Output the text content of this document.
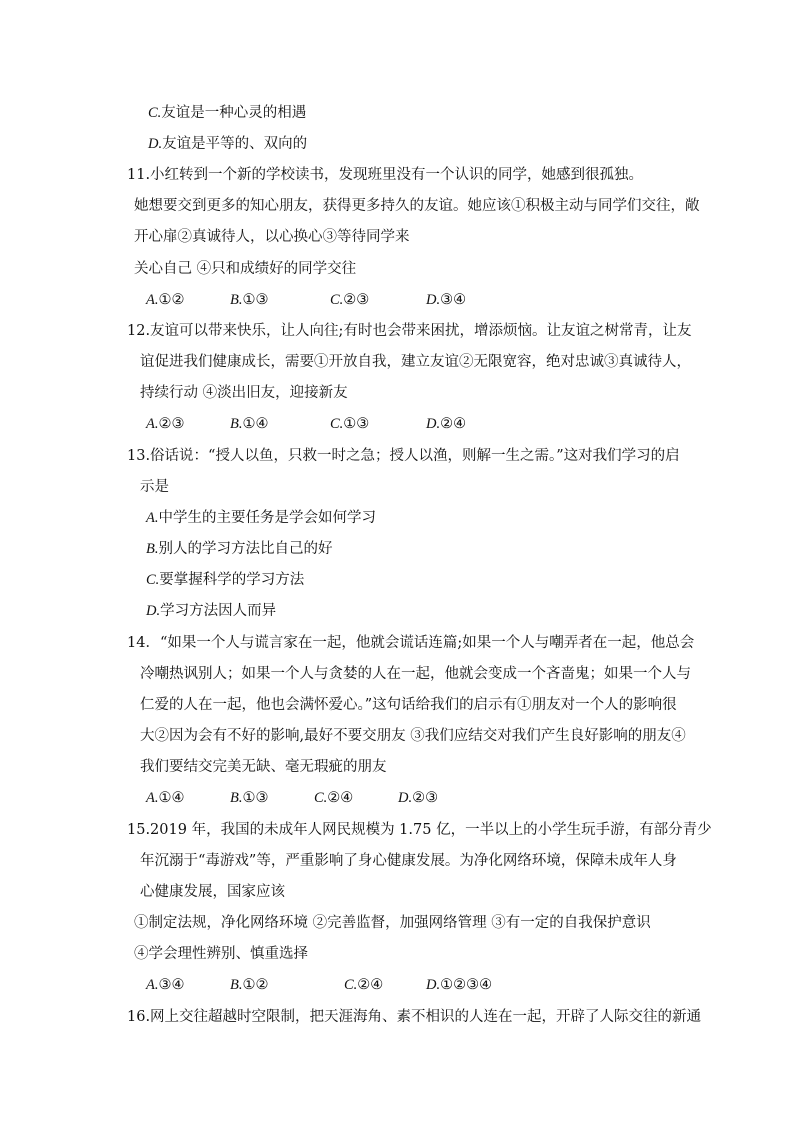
C.友谊是一种心灵的相遇
D.友谊是平等的、双向的
11.小红转到一个新的学校读书，发现班里没有一个认识的同学，她感到很孤独。
她想要交到更多的知心朋友，获得更多持久的友谊。她应该①积极主动与同学们交往，敞
开心扉②真诚待人，以心换心③等待同学来
关心自己 ④只和成绩好的同学交往
A.①②	B.①③	C.②③	D.③④
12.友谊可以带来快乐，让人向往;有时也会带来困扰，增添烦恼。让友谊之树常青，让友
谊促进我们健康成长，需要①开放自我，建立友谊②无限宽容，绝对忠诚③真诚待人，
持续行动 ④淡出旧友，迎接新友
A.②③	B.①④	C.①③	D.②④
13.俗话说：“授人以鱼，只救一时之急；授人以渔，则解一生之需。”这对我们学习的启
示是
A.中学生的主要任务是学会如何学习
B.别人的学习方法比自己的好
C.要掌握科学的学习方法
D.学习方法因人而异
14．“如果一个人与谎言家在一起，他就会谎话连篇;如果一个人与嘲弄者在一起，他总会
冷嘲热讽别人；如果一个人与贪婪的人在一起，他就会变成一个吝啬鬼；如果一个人与
仁爱的人在一起，他也会满怀爱心。”这句话给我们的启示有①朋友对一个人的影响很
大②因为会有不好的影响,最好不要交朋友 ③我们应结交对我们产生良好影响的朋友④
我们要结交完美无缺、毫无瑕疵的朋友
A.①④	B.①③	C.②④	D.②③
15.2019 年，我国的未成年人网民规模为 1.75 亿，一半以上的小学生玩手游，有部分青少
年沉溺于“毒游戏”等，严重影响了身心健康发展。为净化网络环境，保障未成年人身
心健康发展，国家应该
①制定法规，净化网络环境 ②完善监督，加强网络管理 ③有一定的自我保护意识
④学会理性辨别、慎重选择
A.③④	B.①②	C.②④	D.①②③④
16.网上交往超越时空限制，把天涯海角、素不相识的人连在一起，开辟了人际交往的新通
